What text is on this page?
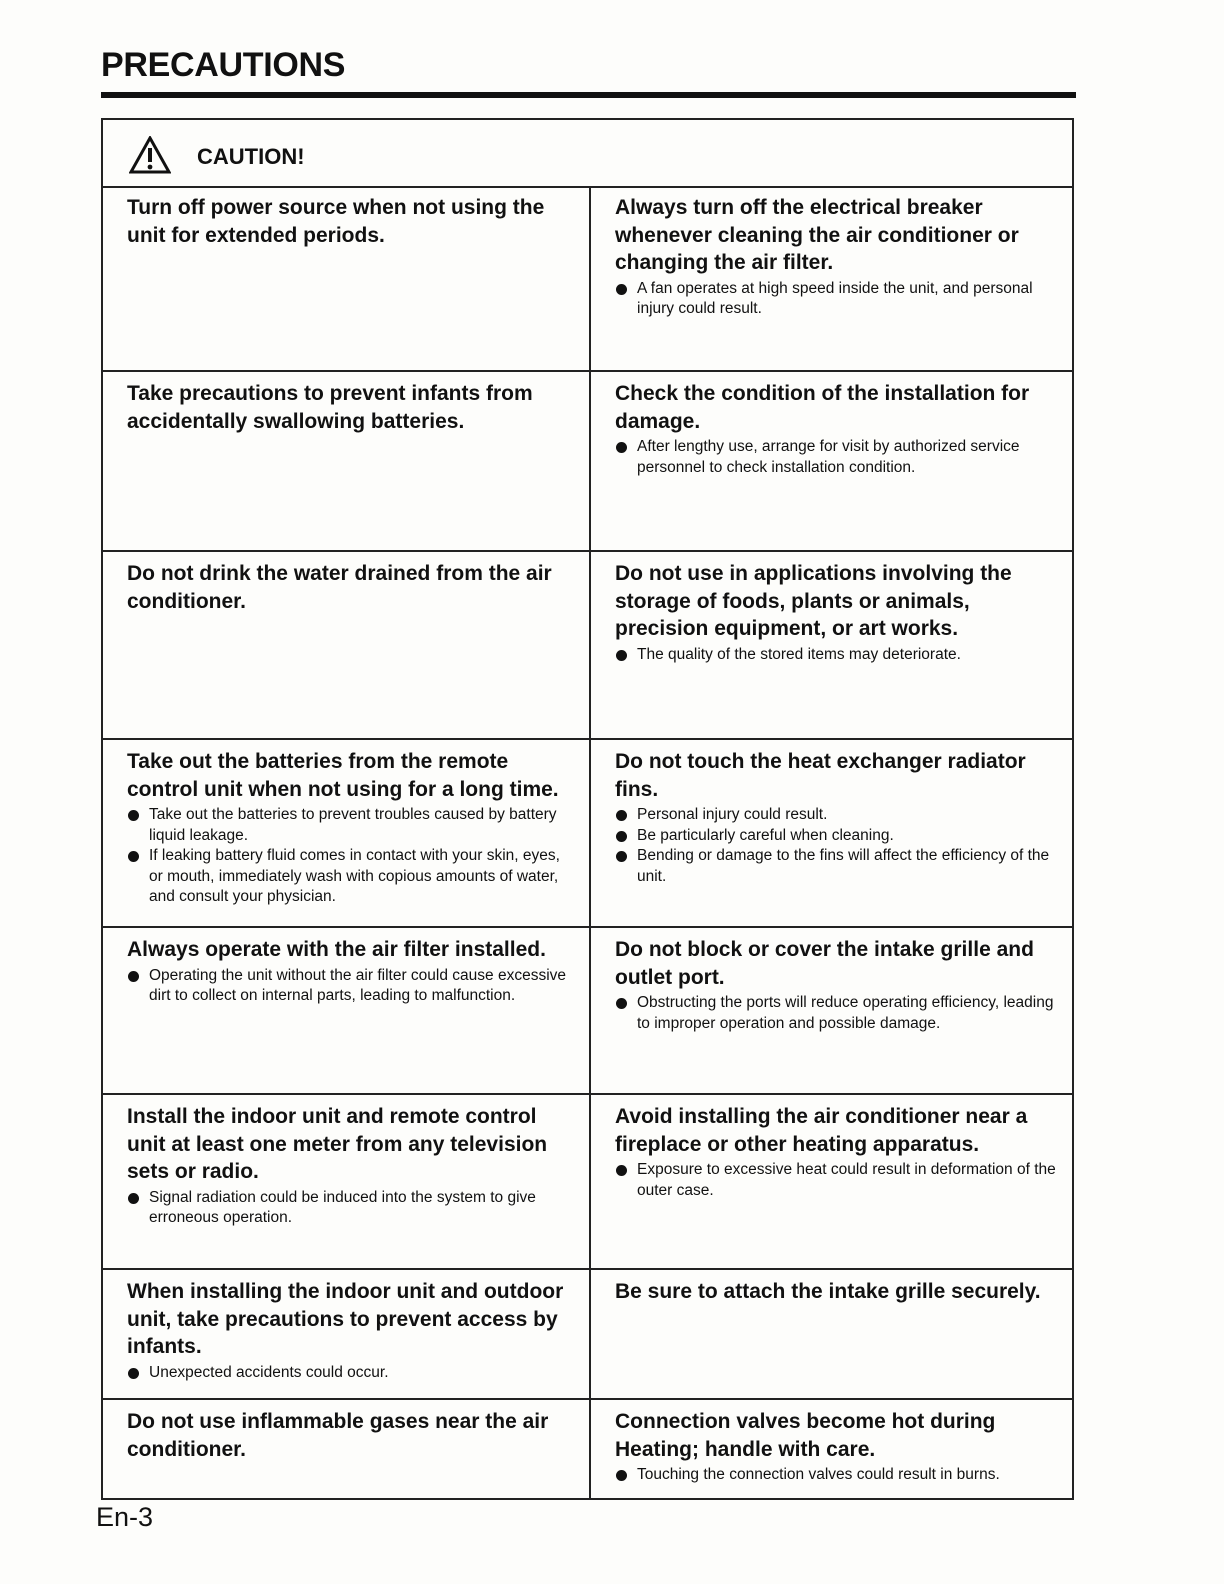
PRECAUTIONS
CAUTION!

Turn off power source when not using the unit for extended periods.

Always turn off the electrical breaker whenever cleaning the air conditioner or changing the air filter.

A fan operates at high speed inside the unit, and personal injury could result.

Take precautions to prevent infants from accidentally swallowing batteries.

Check the condition of the installation for damage.

After lengthy use, arrange for visit by authorized service personnel to check installation condition.

Do not drink the water drained from the air conditioner.

Do not use in applications involving the storage of foods, plants or animals, precision equipment, or art works.

The quality of the stored items may deteriorate.

Take out the batteries from the remote control unit when not using for a long time.

Take out the batteries to prevent troubles caused by battery liquid leakage.
If leaking battery fluid comes in contact with your skin, eyes, or mouth, immediately wash with copious amounts of water, and consult your physician.

Do not touch the heat exchanger radiator fins.

Personal injury could result.
Be particularly careful when cleaning.
Bending or damage to the fins will affect the efficiency of the unit.

Always operate with the air filter installed.

Operating the unit without the air filter could cause excessive dirt to collect on internal parts, leading to malfunction.

Do not block or cover the intake grille and outlet port.

Obstructing the ports will reduce operating efficiency, leading to improper operation and possible damage.

Install the indoor unit and remote control unit at least one meter from any television sets or radio.

Signal radiation could be induced into the system to give erroneous operation.

Avoid installing the air conditioner near a fireplace or other heating apparatus.

Exposure to excessive heat could result in deformation of the outer case.

When installing the indoor unit and outdoor unit, take precautions to prevent access by infants.

Unexpected accidents could occur.

Be sure to attach the intake grille securely.

Do not use inflammable gases near the air conditioner.

Connection valves become hot during Heating; handle with care.

Touching the connection valves could result in burns.
En-3
